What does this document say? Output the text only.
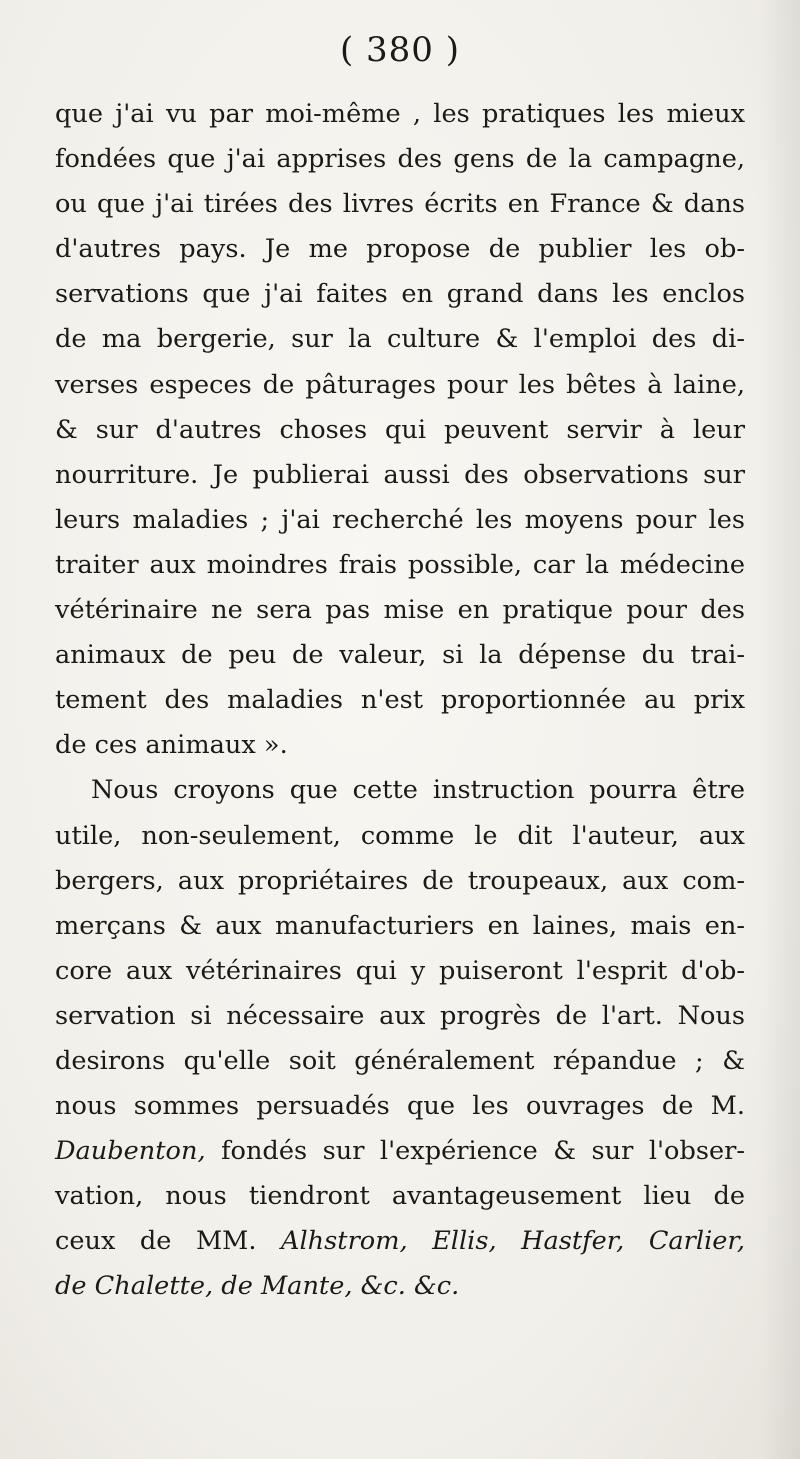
( 380 )
que j'ai vu par moi-même , les pratiques les mieux
fondées que j'ai apprises des gens de la campagne,
ou que j'ai tirées des livres écrits en France & dans
d'autres pays. Je me propose de publier les ob-
servations que j'ai faites en grand dans les enclos
de ma bergerie, sur la culture & l'emploi des di-
verses especes de pâturages pour les bêtes à laine,
& sur d'autres choses qui peuvent servir à leur
nourriture. Je publierai aussi des observations sur
leurs maladies ; j'ai recherché les moyens pour les
traiter aux moindres frais possible, car la médecine
vétérinaire ne sera pas mise en pratique pour des
animaux de peu de valeur, si la dépense du trai-
tement des maladies n'est proportionnée au prix
de ces animaux ».
Nous croyons que cette instruction pourra être
utile, non-seulement, comme le dit l'auteur, aux
bergers, aux propriétaires de troupeaux, aux com-
merçans & aux manufacturiers en laines, mais en-
core aux vétérinaires qui y puiseront l'esprit d'ob-
servation si nécessaire aux progrès de l'art. Nous
desirons qu'elle soit généralement répandue ; &
nous sommes persuadés que les ouvrages de M.
Daubenton, fondés sur l'expérience & sur l'obser-
vation, nous tiendront avantageusement lieu de
ceux de MM. Alhstrom, Ellis, Hastfer, Carlier,
de Chalette, de Mante, &c. &c.
